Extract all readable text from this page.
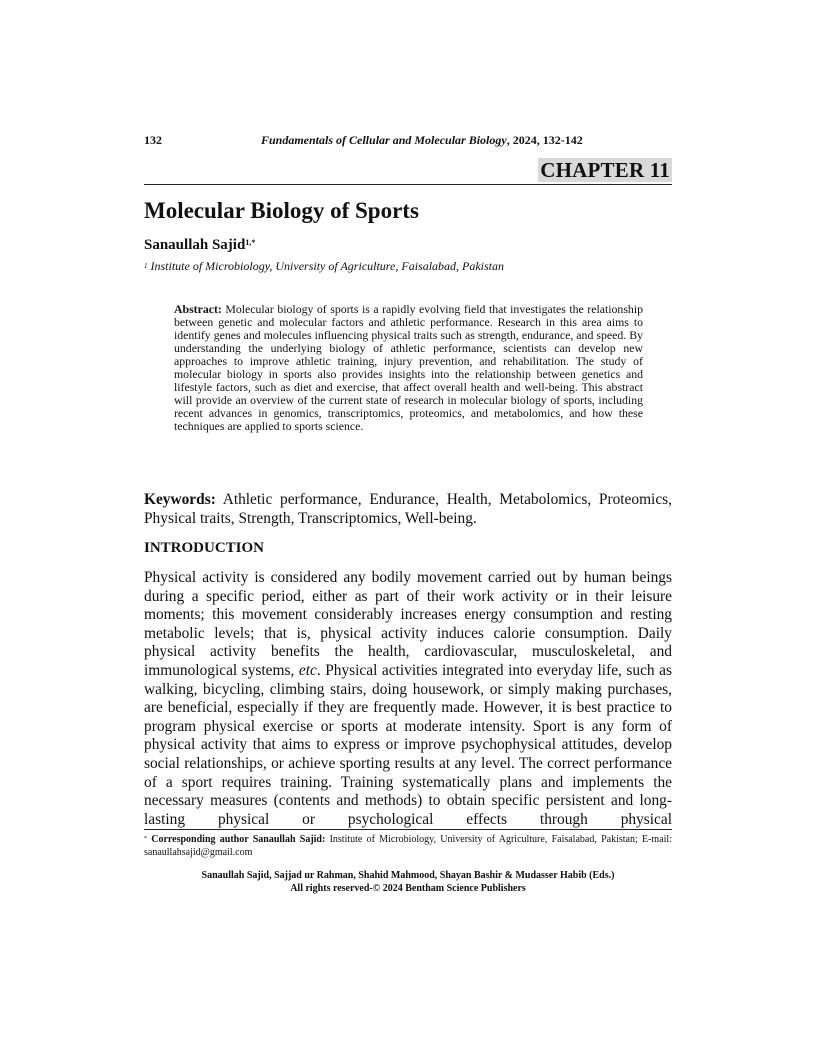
132	Fundamentals of Cellular and Molecular Biology, 2024, 132-142
CHAPTER 11
Molecular Biology of Sports
Sanaullah Sajid$^{1,*}$
$^1$ Institute of Microbiology, University of Agriculture, Faisalabad, Pakistan

Abstract: Molecular biology of sports is a rapidly evolving field that investigates the relationship between genetic and molecular factors and athletic performance. Research in this area aims to identify genes and molecules influencing physical traits such as strength, endurance, and speed. By understanding the underlying biology of athletic performance, scientists can develop new approaches to improve athletic training, injury prevention, and rehabilitation. The study of molecular biology in sports also provides insights into the relationship between genetics and lifestyle factors, such as diet and exercise, that affect overall health and well-being. This abstract will provide an overview of the current state of research in molecular biology of sports, including recent advances in genomics, transcriptomics, proteomics, and metabolomics, and how these techniques are applied to sports science.

Keywords: Athletic performance, Endurance, Health, Metabolomics, Proteomics, Physical traits, Strength, Transcriptomics, Well-being.

INTRODUCTION

Physical activity is considered any bodily movement carried out by human beings during a specific period, either as part of their work activity or in their leisure moments; this movement considerably increases energy consumption and resting metabolic levels; that is, physical activity induces calorie consumption. Daily physical activity benefits the health, cardiovascular, musculoskeletal, and immunological systems, etc. Physical activities integrated into everyday life, such as walking, bicycling, climbing stairs, doing housework, or simply making purchases, are beneficial, especially if they are frequently made. However, it is best practice to program physical exercise or sports at moderate intensity. Sport is any form of physical activity that aims to express or improve psychophysical attitudes, develop social relationships, or achieve sporting results at any level. The correct performance of a sport requires training. Training systematically plans and implements the necessary measures (contents and methods) to obtain specific persistent and long-lasting physical or psychological effects through physical

* Corresponding author Sanaullah Sajid: Institute of Microbiology, University of Agriculture, Faisalabad, Pakistan; E-mail: sanaullahsajid@gmail.com

Sanaullah Sajid, Sajjad ur Rahman, Shahid Mahmood, Shayan Bashir & Mudasser Habib (Eds.)
All rights reserved-© 2024 Bentham Science Publishers
